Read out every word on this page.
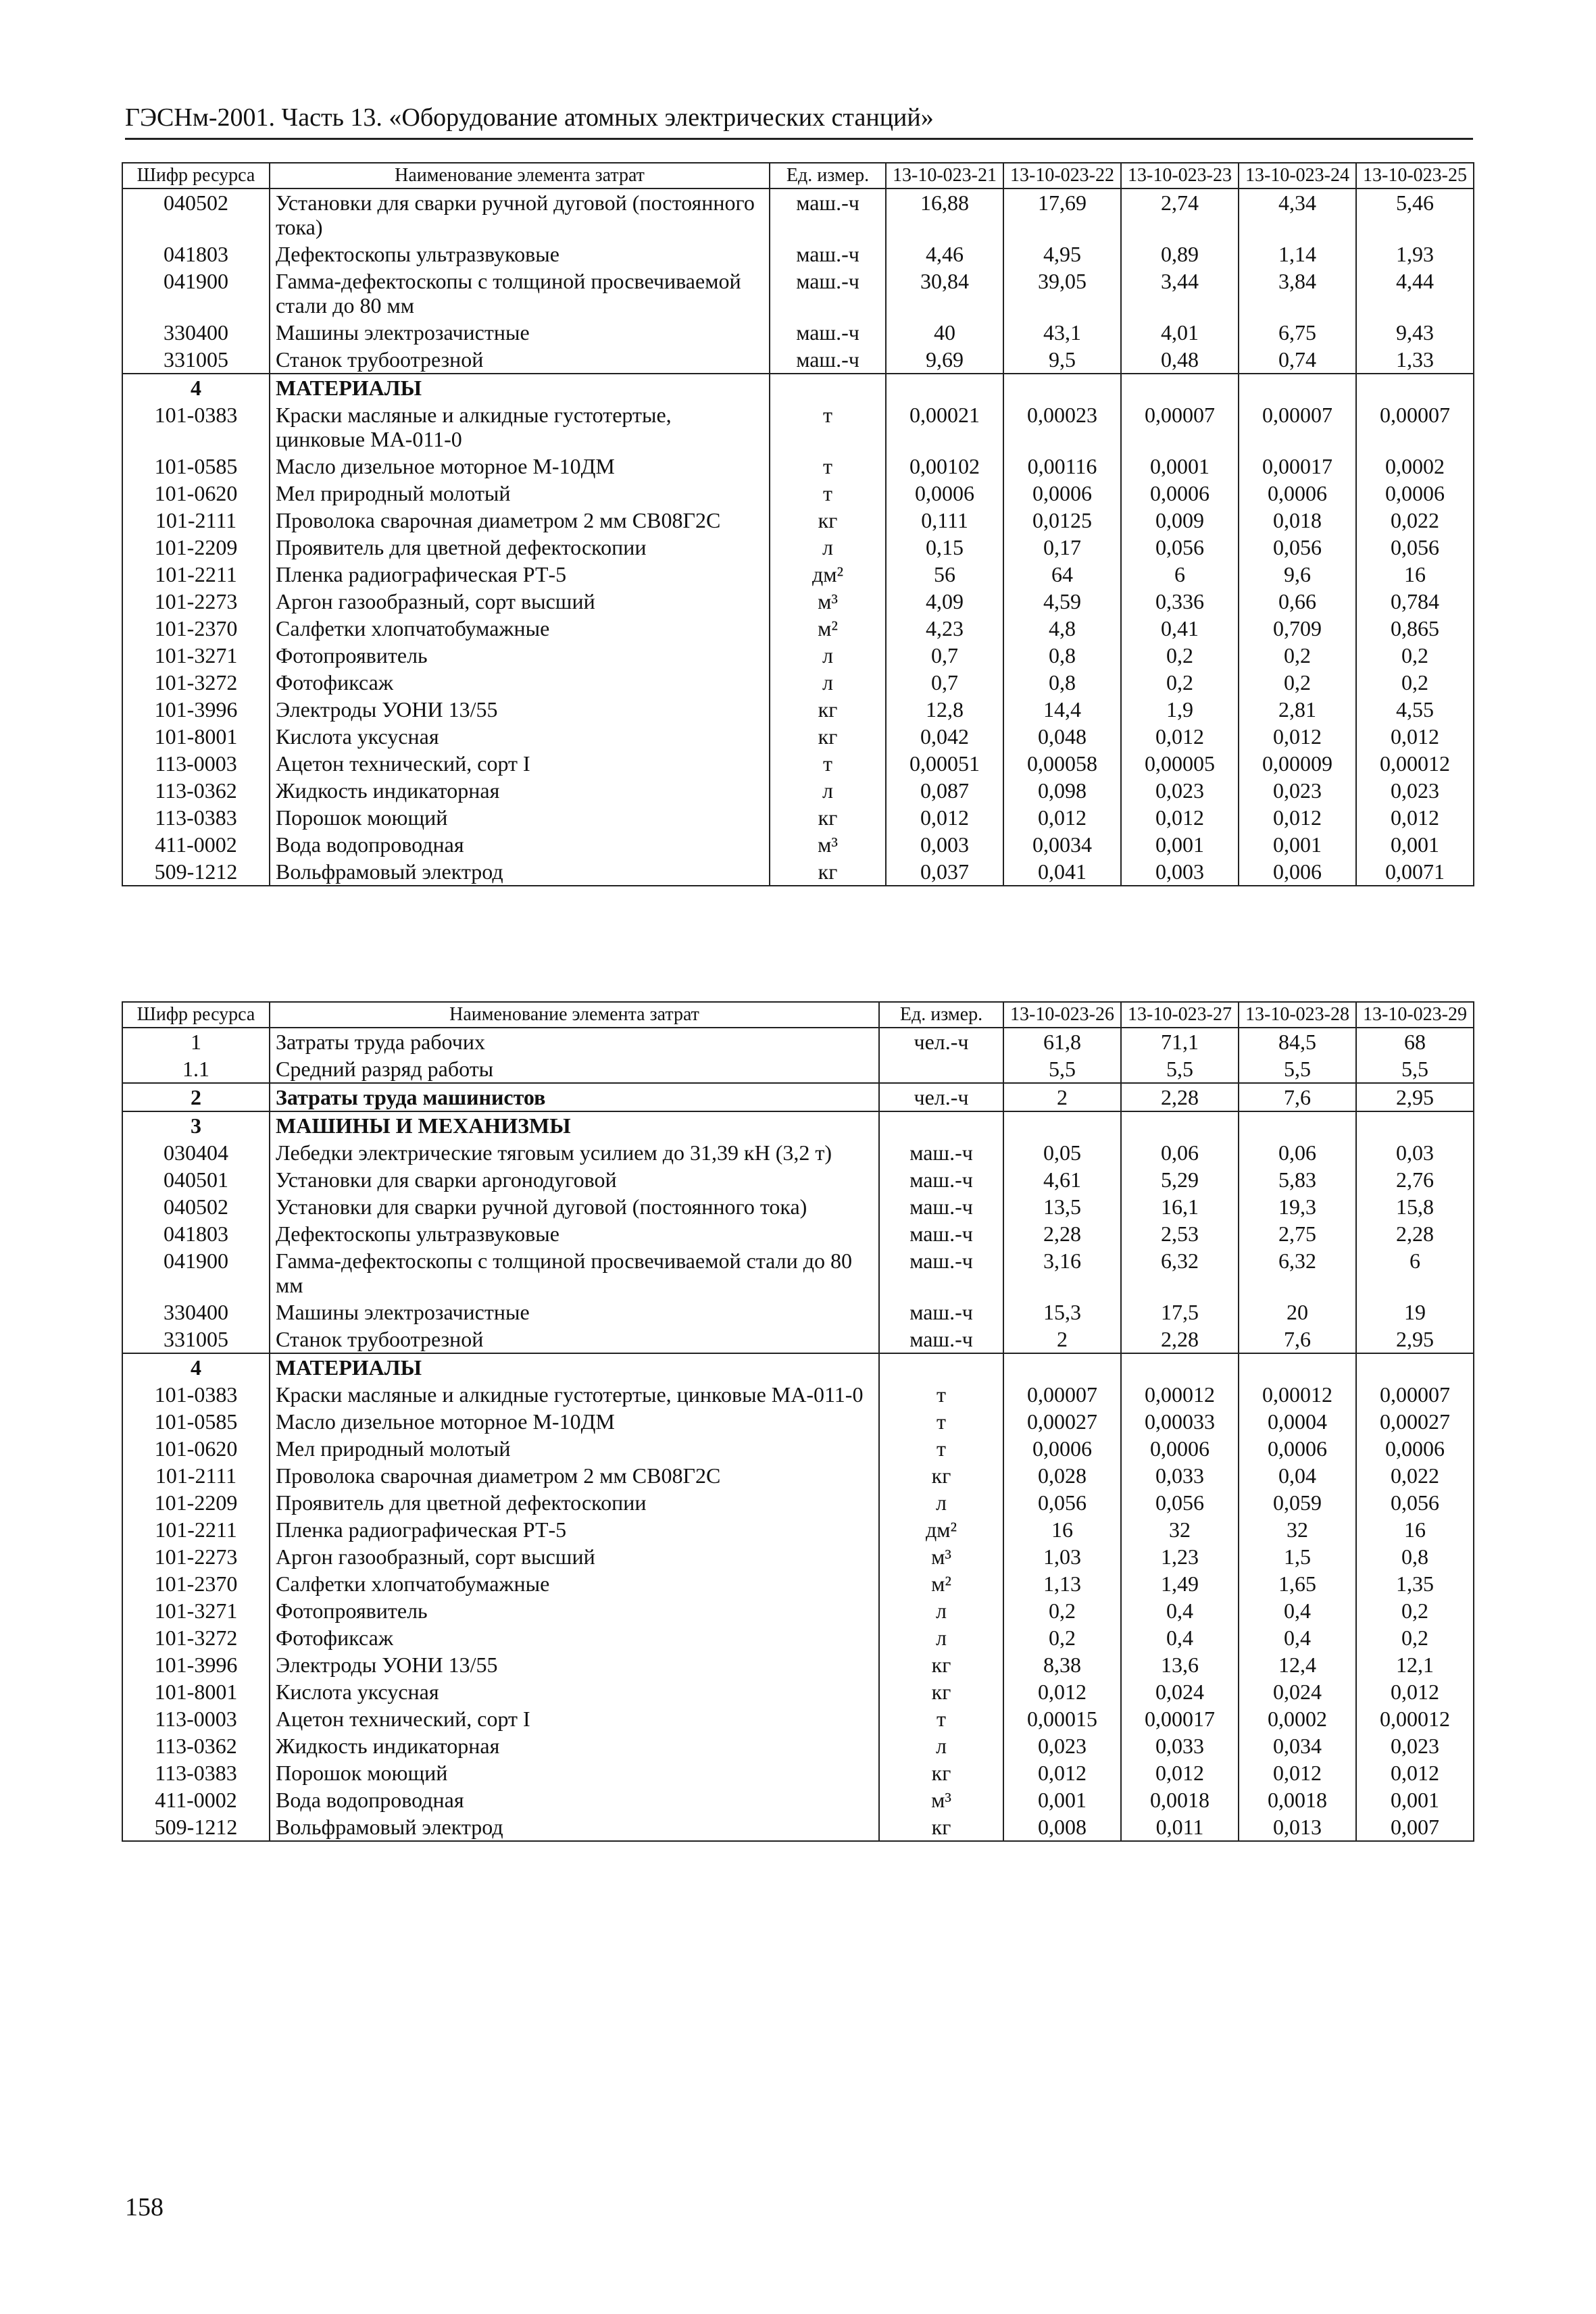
ГЭСНм-2001. Часть 13. «Оборудование атомных электрических станций»
Шифр ресурса	Наименование элемента затрат	Ед. измер.	13-10-023-21	13-10-023-22	13-10-023-23	13-10-023-24	13-10-023-25
040502	Установки для сварки ручной дуговой (постоянного тока)	маш.-ч	16,88	17,69	2,74	4,34	5,46
041803	Дефектоскопы ультразвуковые	маш.-ч	4,46	4,95	0,89	1,14	1,93
041900	Гамма-дефектоскопы с толщиной просвечиваемой стали до 80 мм	маш.-ч	30,84	39,05	3,44	3,84	4,44
330400	Машины электрозачистные	маш.-ч	40	43,1	4,01	6,75	9,43
331005	Станок трубоотрезной	маш.-ч	9,69	9,5	0,48	0,74	1,33
4	МАТЕРИАЛЫ						
101-0383	Краски масляные и алкидные густотертые, цинковые МА-011-0	т	0,00021	0,00023	0,00007	0,00007	0,00007
101-0585	Масло дизельное моторное М-10ДМ	т	0,00102	0,00116	0,0001	0,00017	0,0002
101-0620	Мел природный молотый	т	0,0006	0,0006	0,0006	0,0006	0,0006
101-2111	Проволока сварочная диаметром 2 мм СВ08Г2С	кг	0,111	0,0125	0,009	0,018	0,022
101-2209	Проявитель для цветной дефектоскопии	л	0,15	0,17	0,056	0,056	0,056
101-2211	Пленка радиографическая РТ-5	дм²	56	64	6	9,6	16
101-2273	Аргон газообразный, сорт высший	м³	4,09	4,59	0,336	0,66	0,784
101-2370	Салфетки хлопчатобумажные	м²	4,23	4,8	0,41	0,709	0,865
101-3271	Фотопроявитель	л	0,7	0,8	0,2	0,2	0,2
101-3272	Фотофиксаж	л	0,7	0,8	0,2	0,2	0,2
101-3996	Электроды УОНИ 13/55	кг	12,8	14,4	1,9	2,81	4,55
101-8001	Кислота уксусная	кг	0,042	0,048	0,012	0,012	0,012
113-0003	Ацетон технический, сорт I	т	0,00051	0,00058	0,00005	0,00009	0,00012
113-0362	Жидкость индикаторная	л	0,087	0,098	0,023	0,023	0,023
113-0383	Порошок моющий	кг	0,012	0,012	0,012	0,012	0,012
411-0002	Вода водопроводная	м³	0,003	0,0034	0,001	0,001	0,001
509-1212	Вольфрамовый электрод	кг	0,037	0,041	0,003	0,006	0,0071
Шифр ресурса	Наименование элемента затрат	Ед. измер.	13-10-023-26	13-10-023-27	13-10-023-28	13-10-023-29
1	Затраты труда рабочих	чел.-ч	61,8	71,1	84,5	68
1.1	Средний разряд работы		5,5	5,5	5,5	5,5
2	Затраты труда машинистов	чел.-ч	2	2,28	7,6	2,95
3	МАШИНЫ И МЕХАНИЗМЫ					
030404	Лебедки электрические тяговым усилием до 31,39 кН (3,2 т)	маш.-ч	0,05	0,06	0,06	0,03
040501	Установки для сварки аргонодуговой	маш.-ч	4,61	5,29	5,83	2,76
040502	Установки для сварки ручной дуговой (постоянного тока)	маш.-ч	13,5	16,1	19,3	15,8
041803	Дефектоскопы ультразвуковые	маш.-ч	2,28	2,53	2,75	2,28
041900	Гамма-дефектоскопы с толщиной просвечиваемой стали до 80 мм	маш.-ч	3,16	6,32	6,32	6
330400	Машины электрозачистные	маш.-ч	15,3	17,5	20	19
331005	Станок трубоотрезной	маш.-ч	2	2,28	7,6	2,95
4	МАТЕРИАЛЫ					
101-0383	Краски масляные и алкидные густотертые, цинковые МА-011-0	т	0,00007	0,00012	0,00012	0,00007
101-0585	Масло дизельное моторное М-10ДМ	т	0,00027	0,00033	0,0004	0,00027
101-0620	Мел природный молотый	т	0,0006	0,0006	0,0006	0,0006
101-2111	Проволока сварочная диаметром 2 мм СВ08Г2С	кг	0,028	0,033	0,04	0,022
101-2209	Проявитель для цветной дефектоскопии	л	0,056	0,056	0,059	0,056
101-2211	Пленка радиографическая РТ-5	дм²	16	32	32	16
101-2273	Аргон газообразный, сорт высший	м³	1,03	1,23	1,5	0,8
101-2370	Салфетки хлопчатобумажные	м²	1,13	1,49	1,65	1,35
101-3271	Фотопроявитель	л	0,2	0,4	0,4	0,2
101-3272	Фотофиксаж	л	0,2	0,4	0,4	0,2
101-3996	Электроды УОНИ 13/55	кг	8,38	13,6	12,4	12,1
101-8001	Кислота уксусная	кг	0,012	0,024	0,024	0,012
113-0003	Ацетон технический, сорт I	т	0,00015	0,00017	0,0002	0,00012
113-0362	Жидкость индикаторная	л	0,023	0,033	0,034	0,023
113-0383	Порошок моющий	кг	0,012	0,012	0,012	0,012
411-0002	Вода водопроводная	м³	0,001	0,0018	0,0018	0,001
509-1212	Вольфрамовый электрод	кг	0,008	0,011	0,013	0,007
158
